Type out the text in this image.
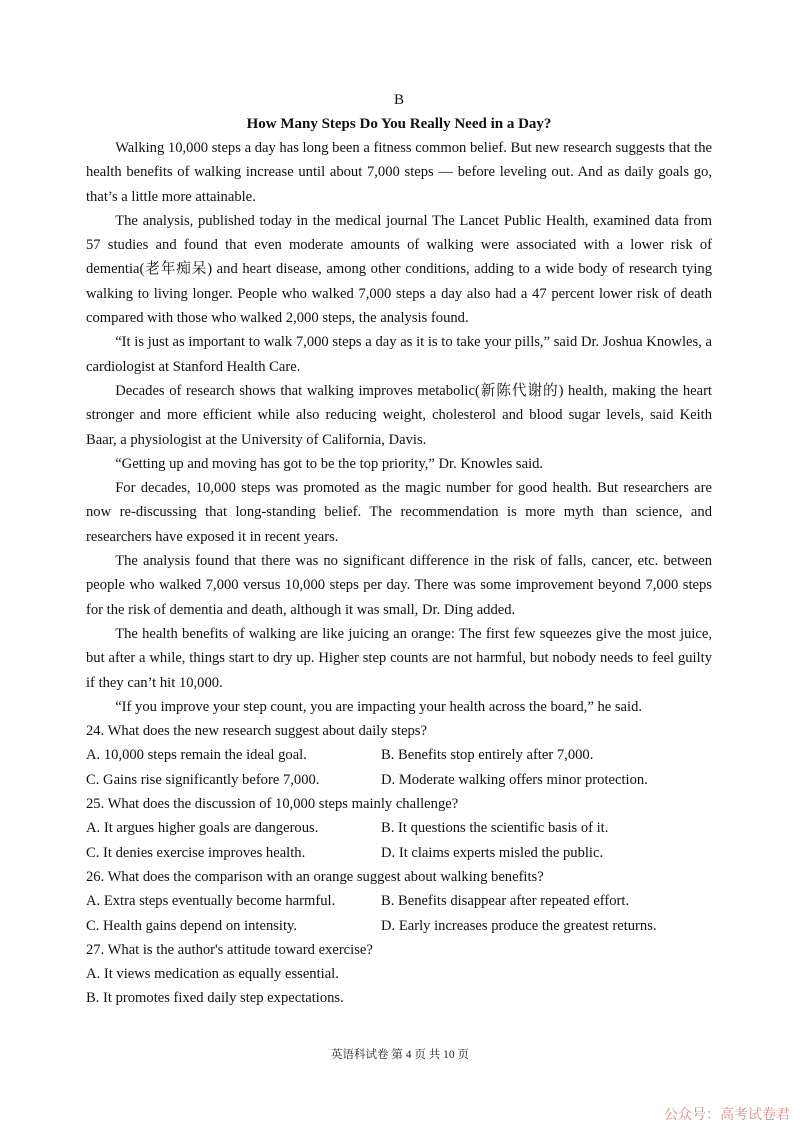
B

How Many Steps Do You Really Need in a Day?

Walking 10,000 steps a day has long been a fitness common belief. But new research suggests that the health benefits of walking increase until about 7,000 steps — before leveling out. And as daily goals go, that’s a little more attainable.

The analysis, published today in the medical journal The Lancet Public Health, examined data from 57 studies and found that even moderate amounts of walking were associated with a lower risk of dementia(老年痴呆) and heart disease, among other conditions, adding to a wide body of research tying walking to living longer. People who walked 7,000 steps a day also had a 47 percent lower risk of death compared with those who walked 2,000 steps, the analysis found.

“It is just as important to walk 7,000 steps a day as it is to take your pills,” said Dr. Joshua Knowles, a cardiologist at Stanford Health Care.

Decades of research shows that walking improves metabolic(新陈代谢的) health, making the heart stronger and more efficient while also reducing weight, cholesterol and blood sugar levels, said Keith Baar, a physiologist at the University of California, Davis.

“Getting up and moving has got to be the top priority,” Dr. Knowles said.

For decades, 10,000 steps was promoted as the magic number for good health. But researchers are now re-discussing that long-standing belief. The recommendation is more myth than science, and researchers have exposed it in recent years.

The analysis found that there was no significant difference in the risk of falls, cancer, etc. between people who walked 7,000 versus 10,000 steps per day. There was some improvement beyond 7,000 steps for the risk of dementia and death, although it was small, Dr. Ding added.

The health benefits of walking are like juicing an orange: The first few squeezes give the most juice, but after a while, things start to dry up. Higher step counts are not harmful, but nobody needs to feel guilty if they can’t hit 10,000.

“If you improve your step count, you are impacting your health across the board,” he said.

24. What does the new research suggest about daily steps?

A. 10,000 steps remain the ideal goal.	B. Benefits stop entirely after 7,000.
C. Gains rise significantly before 7,000.	D. Moderate walking offers minor protection.

25. What does the discussion of 10,000 steps mainly challenge?

A. It argues higher goals are dangerous.	B. It questions the scientific basis of it.
C. It denies exercise improves health.	D. It claims experts misled the public.

26. What does the comparison with an orange suggest about walking benefits?

A. Extra steps eventually become harmful.	B. Benefits disappear after repeated effort.
C. Health gains depend on intensity.	D. Early increases produce the greatest returns.

27. What is the author's attitude toward exercise?

A. It views medication as equally essential.
B. It promotes fixed daily step expectations.
英语科试卷 第 4 页 共 10 页
公众号：高考试卷君
